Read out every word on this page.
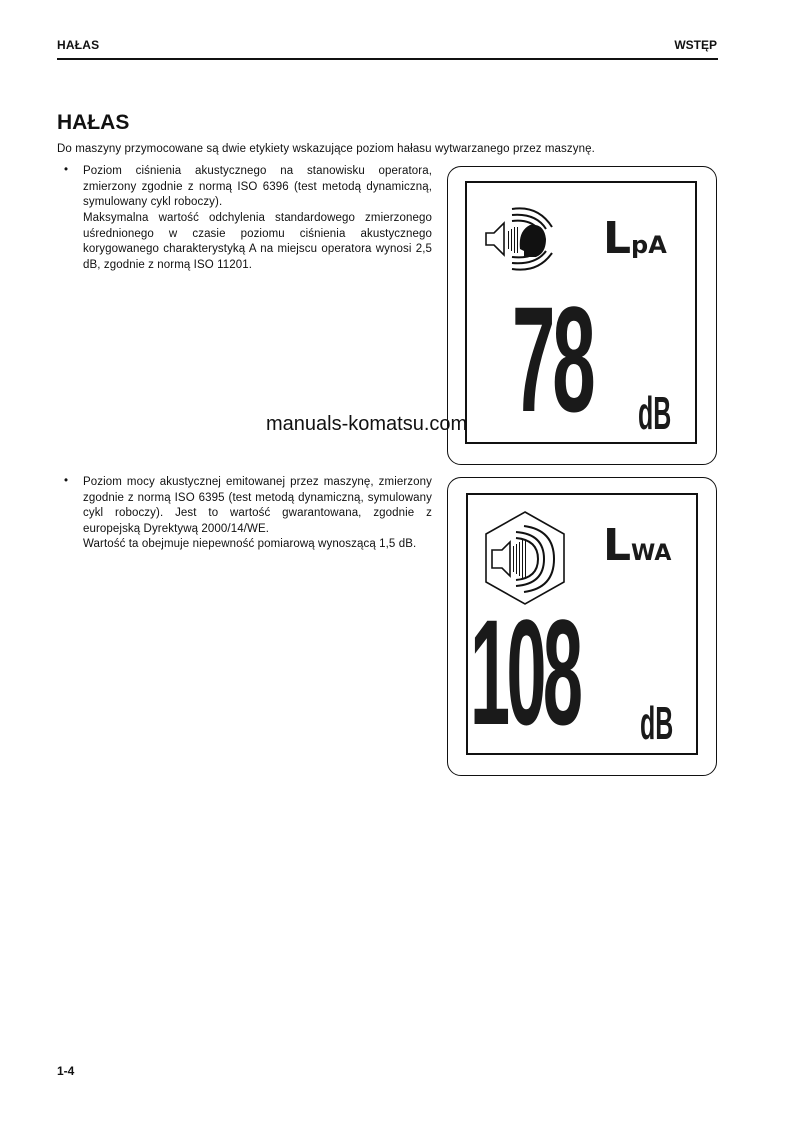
HAŁAS	WSTĘP
HAŁAS
Do maszyny przymocowane są dwie etykiety wskazujące poziom hałasu wytwarzanego przez maszynę.
• Poziom ciśnienia akustycznego na stanowisku operatora, zmierzony zgodnie z normą ISO 6396 (test metodą dynamiczną, symulowany cykl roboczy).
Maksymalna wartość odchylenia standardowego zmierzonego uśrednionego w czasie poziomu ciśnienia akustycznego korygowanego charakterystyką A na miejscu operatora wynosi 2,5 dB, zgodnie z normą ISO 11201.
• Poziom mocy akustycznej emitowanej przez maszynę, zmierzony zgodnie z normą ISO 6395 (test metodą dynamiczną, symulowany cykl roboczy). Jest to wartość gwarantowana, zgodnie z europejską Dyrektywą 2000/14/WE.
Wartość ta obejmuje niepewność pomiarową wynoszącą 1,5 dB.
LpA
78 dB
LWA
108 dB
manuals-komatsu.com
1-4
